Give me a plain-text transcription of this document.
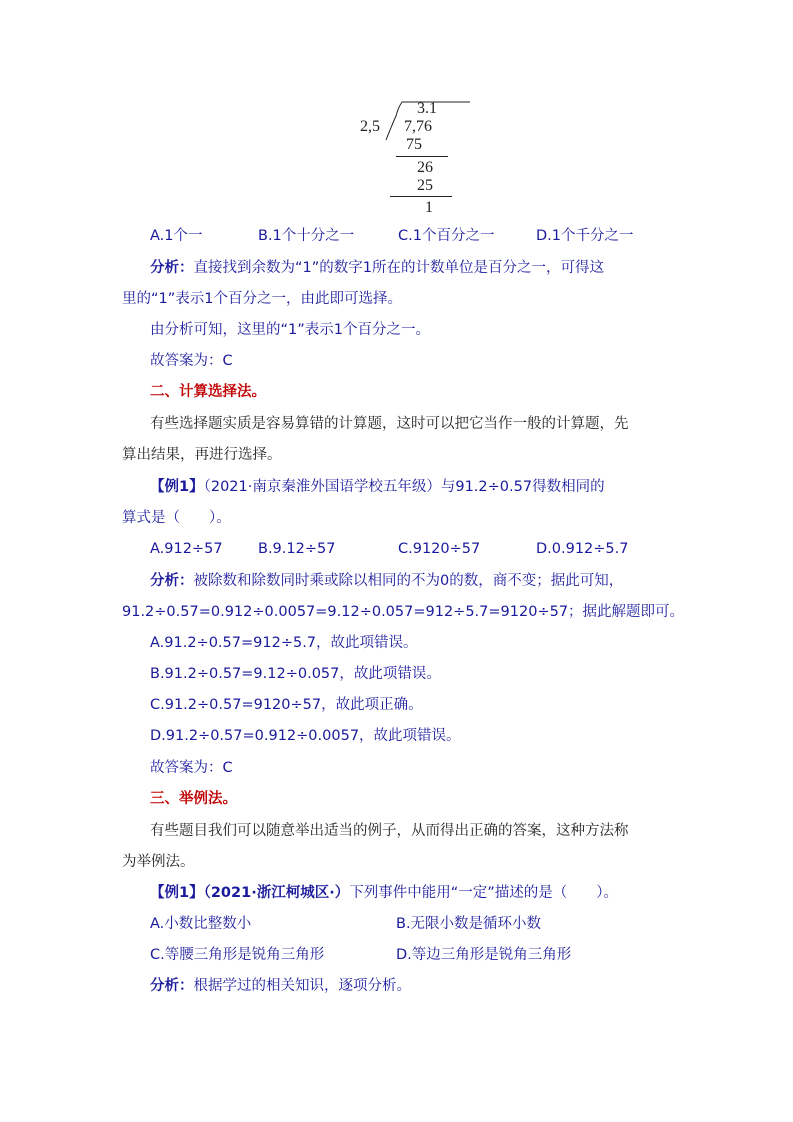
3.1
2,5 7,76
75
26
25
1
A.1个一	B.1个十分之一	C.1个百分之一	D.1个千分之一
分析：直接找到余数为“1”的数字1所在的计数单位是百分之一，可得这
里的“1”表示1个百分之一，由此即可选择。
由分析可知，这里的“1”表示1个百分之一。
故答案为：C
二、计算选择法。
有些选择题实质是容易算错的计算题，这时可以把它当作一般的计算题，先
算出结果，再进行选择。
【例1】（2021·南京秦淮外国语学校五年级）与91.2÷0.57得数相同的
算式是（　　）。
A.912÷57 B.9.12÷57	C.9120÷57	D.0.912÷5.7
分析：被除数和除数同时乘或除以相同的不为0的数，商不变；据此可知，
91.2÷0.57=0.912÷0.0057=9.12÷0.057=912÷5.7=9120÷57；据此解题即可。
A.91.2÷0.57=912÷5.7，故此项错误。
B.91.2÷0.57=9.12÷0.057，故此项错误。
C.91.2÷0.57=9120÷57，故此项正确。
D.91.2÷0.57=0.912÷0.0057，故此项错误。
故答案为：C
三、举例法。
有些题目我们可以随意举出适当的例子，从而得出正确的答案，这种方法称
为举例法。
【例1】（2021·浙江柯城区·）下列事件中能用“一定”描述的是（　　）。
A.小数比整数小	B.无限小数是循环小数
C.等腰三角形是锐角三角形	D.等边三角形是锐角三角形
分析：根据学过的相关知识，逐项分析。
